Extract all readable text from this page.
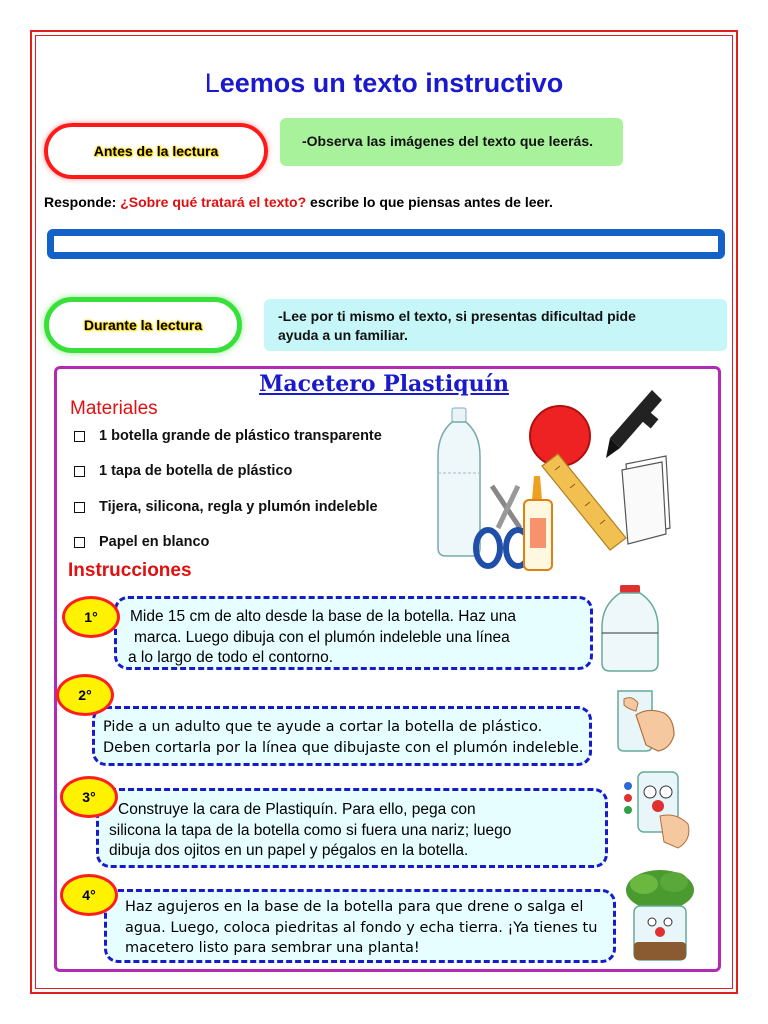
Leemos un texto instructivo
Antes de la lectura
-Observa las imágenes del texto que leerás.
Responde: ¿Sobre qué tratará el texto? escribe lo que piensas antes de leer.
Durante la lectura
-Lee por ti mismo el texto, si presentas dificultad pide
ayuda a un familiar.
Macetero Plastiquín
Materiales
1 botella grande de plástico transparente
1 tapa de botella de plástico
Tijera, silicona, regla y plumón indeleble
Papel en blanco
Instrucciones
Mide 15 cm de alto desde la base de la botella. Haz una
marca. Luego dibuja con el plumón indeleble una línea
a lo largo de todo el contorno.
1°
Pide a un adulto que te ayude a cortar la botella de plástico.
Deben cortarla por la línea que dibujaste con el plumón indeleble.
2°
Construye la cara de Plastiquín. Para ello, pega con
silicona la tapa de la botella como si fuera una nariz; luego
dibuja dos ojitos en un papel y pégalos en la botella.
3°
Haz agujeros en la base de la botella para que drene o salga el
agua. Luego, coloca piedritas al fondo y echa tierra. ¡Ya tienes tu
macetero listo para sembrar una planta!
4°
